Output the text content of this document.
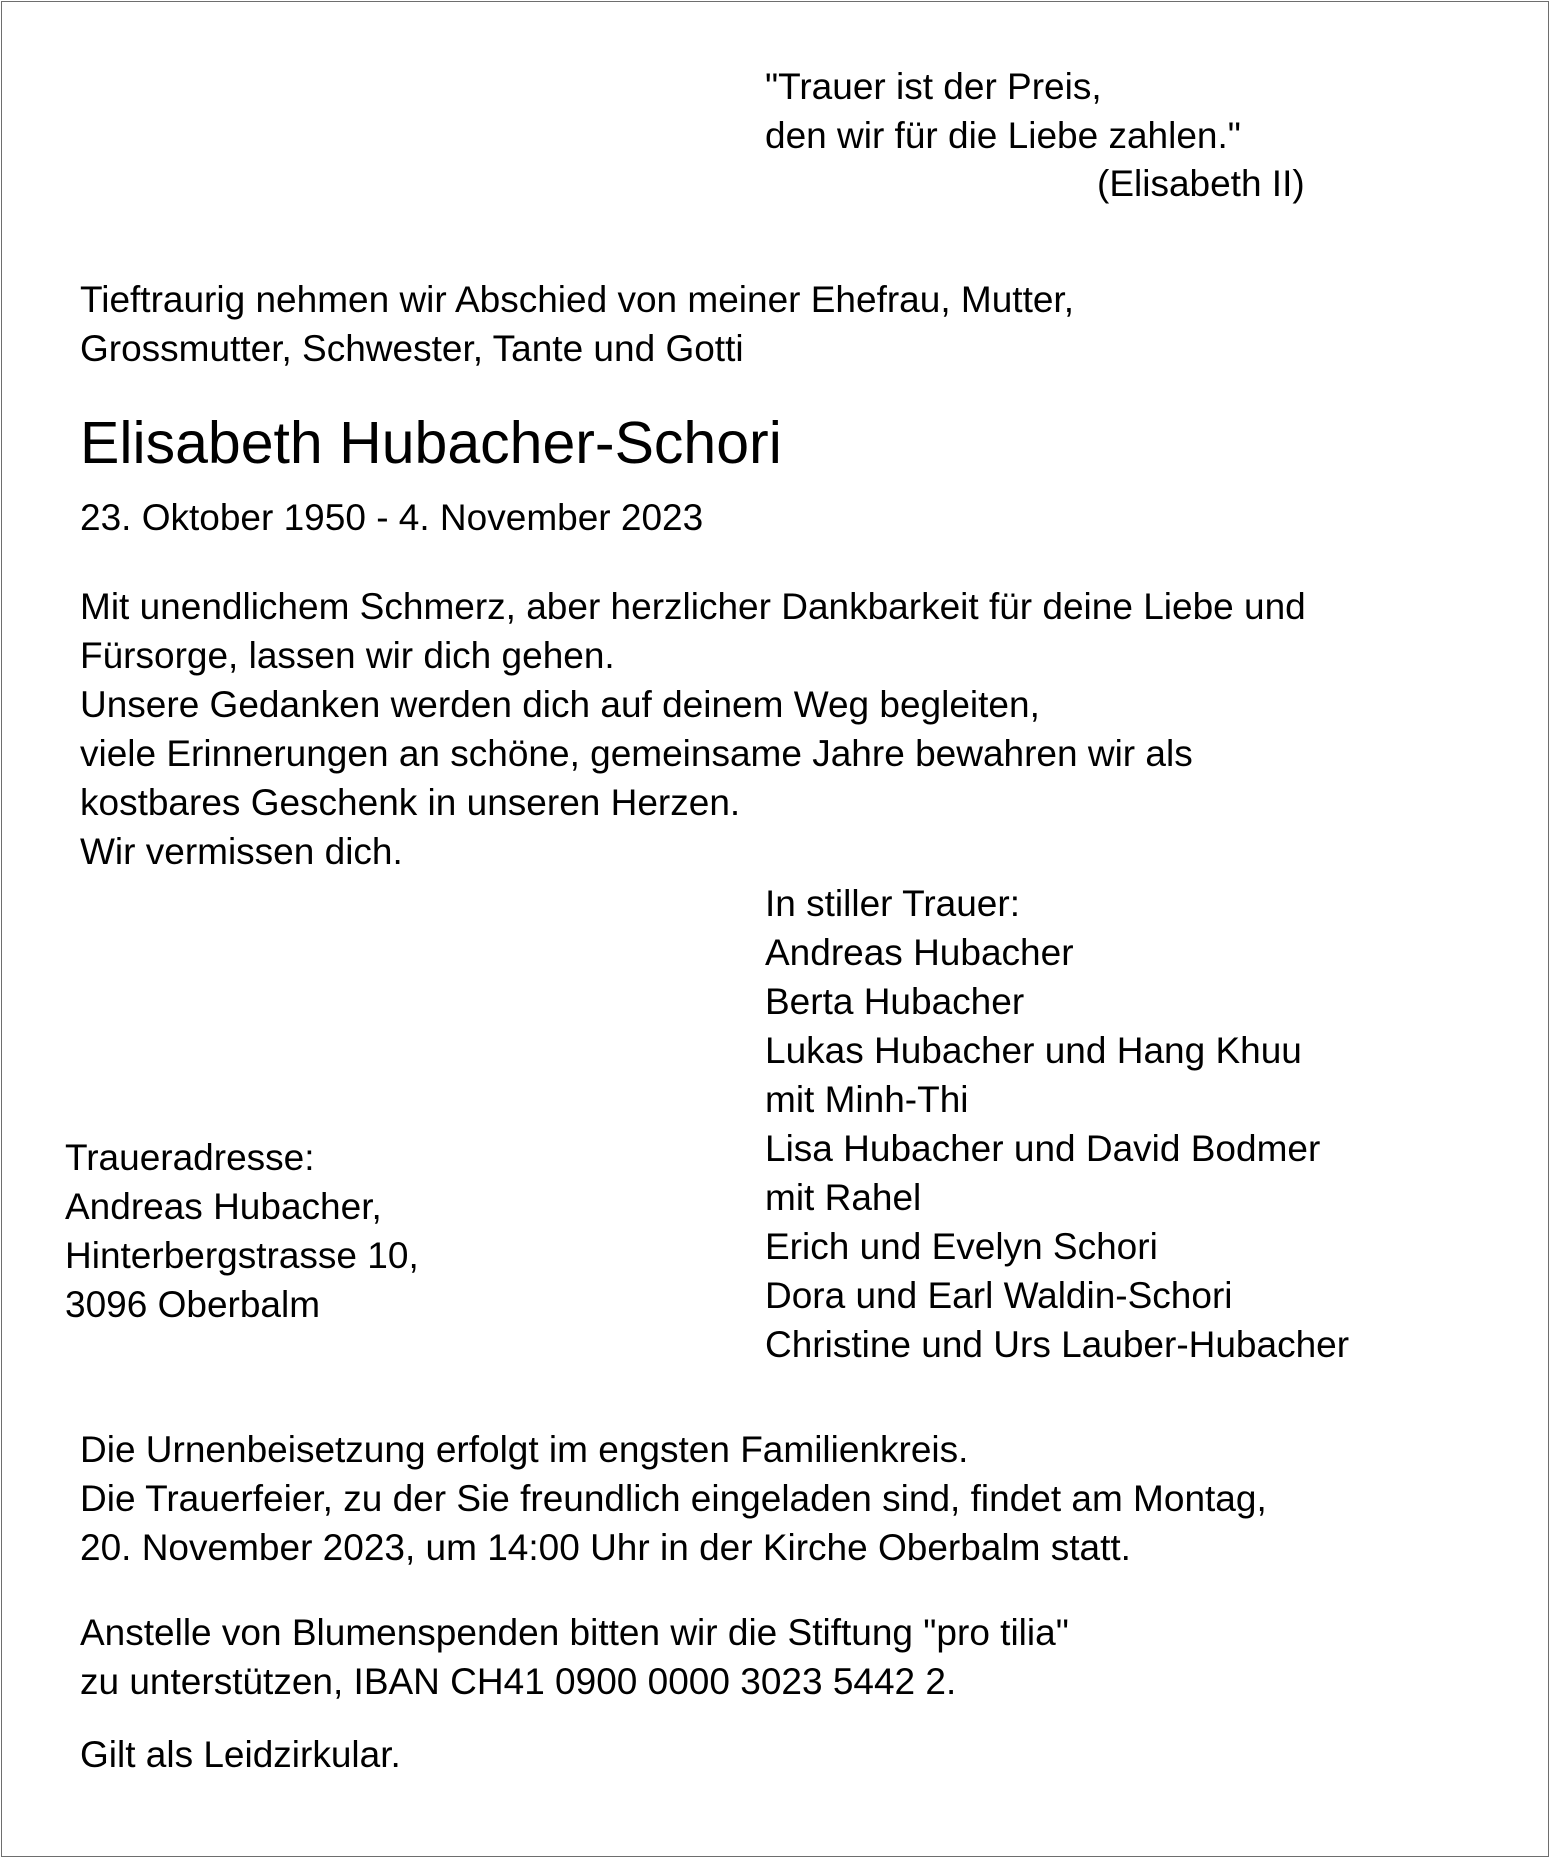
"Trauer ist der Preis,
den wir für die Liebe zahlen."
(Elisabeth II)
Tieftraurig nehmen wir Abschied von meiner Ehefrau, Mutter,
Grossmutter, Schwester, Tante und Gotti
Elisabeth Hubacher-Schori
23. Oktober 1950 - 4. November 2023
Mit unendlichem Schmerz, aber herzlicher Dankbarkeit für deine Liebe und
Fürsorge, lassen wir dich gehen.
Unsere Gedanken werden dich auf deinem Weg begleiten,
viele Erinnerungen an schöne, gemeinsame Jahre bewahren wir als
kostbares Geschenk in unseren Herzen.
Wir vermissen dich.
In stiller Trauer:
Andreas Hubacher
Berta Hubacher
Lukas Hubacher und Hang Khuu
mit Minh-Thi
Lisa Hubacher und David Bodmer
mit Rahel
Erich und Evelyn Schori
Dora und Earl Waldin-Schori
Christine und Urs Lauber-Hubacher
Traueradresse:
Andreas Hubacher,
Hinterbergstrasse 10,
3096 Oberbalm
Die Urnenbeisetzung erfolgt im engsten Familienkreis.
Die Trauerfeier, zu der Sie freundlich eingeladen sind, findet am Montag,
20. November 2023, um 14:00 Uhr in der Kirche Oberbalm statt.
Anstelle von Blumenspenden bitten wir die Stiftung "pro tilia"
zu unterstützen, IBAN CH41 0900 0000 3023 5442 2.
Gilt als Leidzirkular.
